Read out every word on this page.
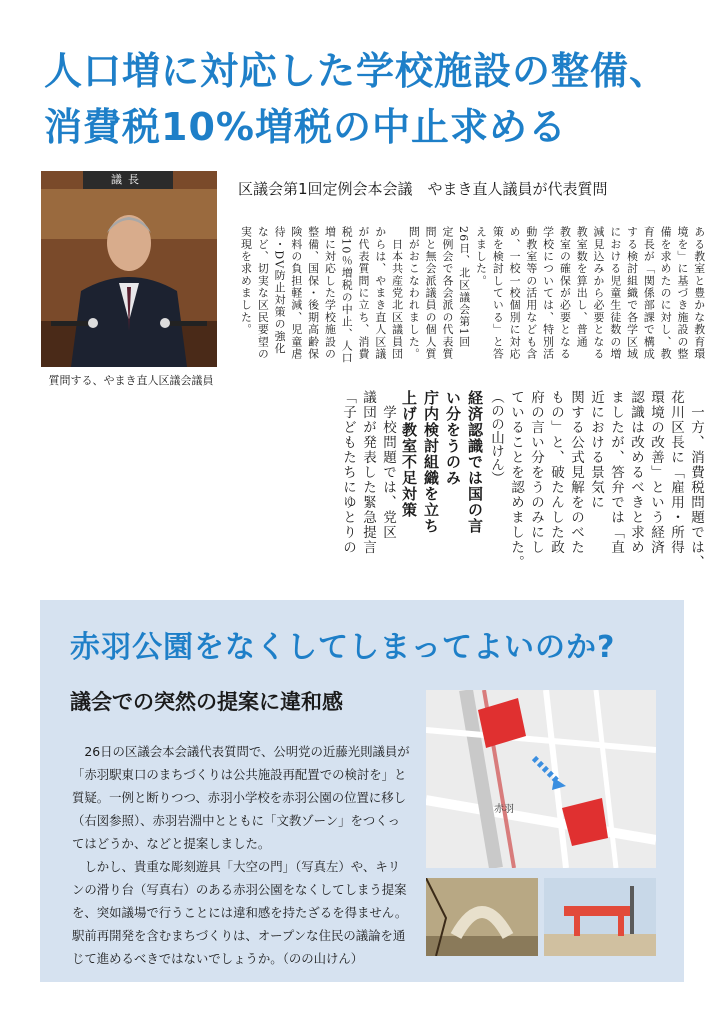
人口増に対応した学校施設の整備、
消費税10%増税の中止求める
議長
質問する、やまき直人区議会議員
区議会第1回定例会本会議　やまき直人議員が代表質問
ある教室と豊かな教育環
境を」に基づき施設の整
備を求めたのに対し、教
育長が「関係部課で構成
する検討組織で各学区域
における児童生徒数の増
減見込みから必要となる
教室数を算出し、普通
教室の確保が必要となる
学校については、特別活
動教室等の活用なども含
め、一校一校個別に対応
策を検討している」と答
えました。
26日、北区議会第1回
定例会で各会派の代表質
問と無会派議員の個人質
問がおこなわれました。
　日本共産党北区議員団
からは、やまき直人区議
が代表質問に立ち、消費
税10％増税の中止、人口
増に対応した学校施設の
整備、国保・後期高齢保
険料の負担軽減、児童虐
待・DV防止対策の強化
など、切実な区民要望の
実現を求めました。
　一方、消費税問題では、
花川区長に「雇用・所得
環境の改善」という経済
認識は改めるべきと求め
ましたが、答弁では「直
近における景気に
関する公式見解をのべた
もの」と、破たんした政
府の言い分をうのみにし
ていることを認めました。
（のの山けん）
経済認識では国の言
い分をうのみ
庁内検討組織を立ち
上げ教室不足対策
　学校問題では、党区
議団が発表した緊急提言
「子どもたちにゆとりの
赤羽公園をなくしてしまってよいのか?
議会での突然の提案に違和感

26日の区議会本会議代表質問で、公明党の近藤光則議員が「赤羽駅東口のまちづくりは公共施設再配置での検討を」と質疑。一例と断りつつ、赤羽小学校を赤羽公園の位置に移し（右図参照）、赤羽岩淵中とともに「文教ゾーン」をつくってはどうか、などと提案しました。

しかし、貴重な彫刻遊具「大空の門」（写真左）や、キリンの滑り台（写真右）のある赤羽公園をなくしてしまう提案を、突如議場で行うことには違和感を持たざるを得ません。駅前再開発を含むまちづくりは、オープンな住民の議論を通じて進めるべきではないでしょうか。（のの山けん）

赤羽
